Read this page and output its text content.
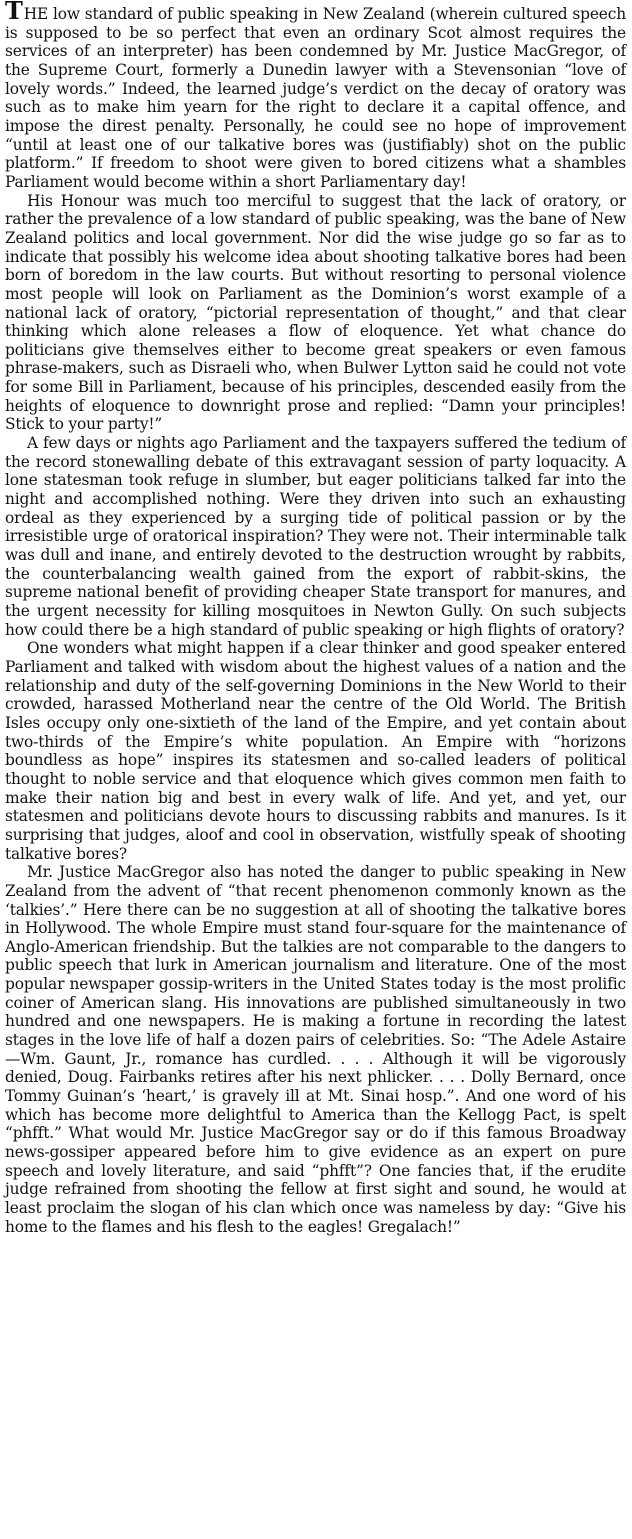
THE low standard of public speaking in New Zealand (wherein cultured speech is supposed to be so perfect that even an ordinary Scot almost requires the services of an interpreter) has been condemned by Mr. Justice MacGregor, of the Supreme Court, formerly a Dunedin lawyer with a Stevensonian “love of lovely words.” Indeed, the learned judge’s verdict on the decay of oratory was such as to make him yearn for the right to declare it a capital offence, and impose the direst penalty. Personally, he could see no hope of improvement “until at least one of our talkative bores was (justifiably) shot on the public platform.” If freedom to shoot were given to bored citizens what a shambles Parliament would become within a short Parliamentary day!

His Honour was much too merciful to suggest that the lack of oratory, or rather the prevalence of a low standard of public speaking, was the bane of New Zealand politics and local government. Nor did the wise judge go so far as to indicate that possibly his welcome idea about shooting talkative bores had been born of boredom in the law courts. But without resorting to personal violence most people will look on Parliament as the Dominion’s worst example of a national lack of oratory, “pictorial representation of thought,” and that clear thinking which alone releases a flow of eloquence. Yet what chance do politicians give themselves either to become great speakers or even famous phrase-makers, such as Disraeli who, when Bulwer Lytton said he could not vote for some Bill in Parliament, because of his principles, descended easily from the heights of eloquence to downright prose and replied: “Damn your principles! Stick to your party!”

A few days or nights ago Parliament and the taxpayers suffered the tedium of the record stonewalling debate of this extravagant session of party loquacity. A lone statesman took refuge in slumber, but eager politicians talked far into the night and accomplished nothing. Were they driven into such an exhausting ordeal as they experienced by a surging tide of political passion or by the irresistible urge of oratorical inspiration? They were not. Their interminable talk was dull and inane, and entirely devoted to the destruction wrought by rabbits, the counterbalancing wealth gained from the export of rabbit-skins, the supreme national benefit of providing cheaper State transport for manures, and the urgent necessity for killing mosquitoes in Newton Gully. On such subjects how could there be a high standard of public speaking or high flights of oratory?

One wonders what might happen if a clear thinker and good speaker entered Parliament and talked with wisdom about the highest values of a nation and the relationship and duty of the self-governing Dominions in the New World to their crowded, harassed Motherland near the centre of the Old World. The British Isles occupy only one-sixtieth of the land of the Empire, and yet contain about two-thirds of the Empire’s white population. An Empire with “horizons boundless as hope” inspires its statesmen and so-called leaders of political thought to noble service and that eloquence which gives common men faith to make their nation big and best in every walk of life. And yet, and yet, our statesmen and politicians devote hours to discussing rabbits and manures. Is it surprising that judges, aloof and cool in observation, wistfully speak of shooting talkative bores?

Mr. Justice MacGregor also has noted the danger to public speaking in New Zealand from the advent of “that recent phenomenon commonly known as the ‘talkies’.” Here there can be no suggestion at all of shooting the talkative bores in Hollywood. The whole Empire must stand four-square for the maintenance of Anglo-American friendship. But the talkies are not comparable to the dangers to public speech that lurk in American journalism and literature. One of the most popular newspaper gossip-writers in the United States today is the most prolific coiner of American slang. His innovations are published simultaneously in two hundred and one newspapers. He is making a fortune in recording the latest stages in the love life of half a dozen pairs of celebrities. So: “The Adele Astaire—Wm. Gaunt, Jr., romance has curdled. . . . Although it will be vigorously denied, Doug. Fairbanks retires after his next phlicker. . . . Dolly Bernard, once Tommy Guinan’s ‘heart,’ is gravely ill at Mt. Sinai hosp.”. And one word of his which has become more delightful to America than the Kellogg Pact, is spelt “phfft.” What would Mr. Justice MacGregor say or do if this famous Broadway news-gossiper appeared before him to give evidence as an expert on pure speech and lovely literature, and said “phfft”? One fancies that, if the erudite judge refrained from shooting the fellow at first sight and sound, he would at least proclaim the slogan of his clan which once was nameless by day: “Give his home to the flames and his flesh to the eagles! Gregalach!”
